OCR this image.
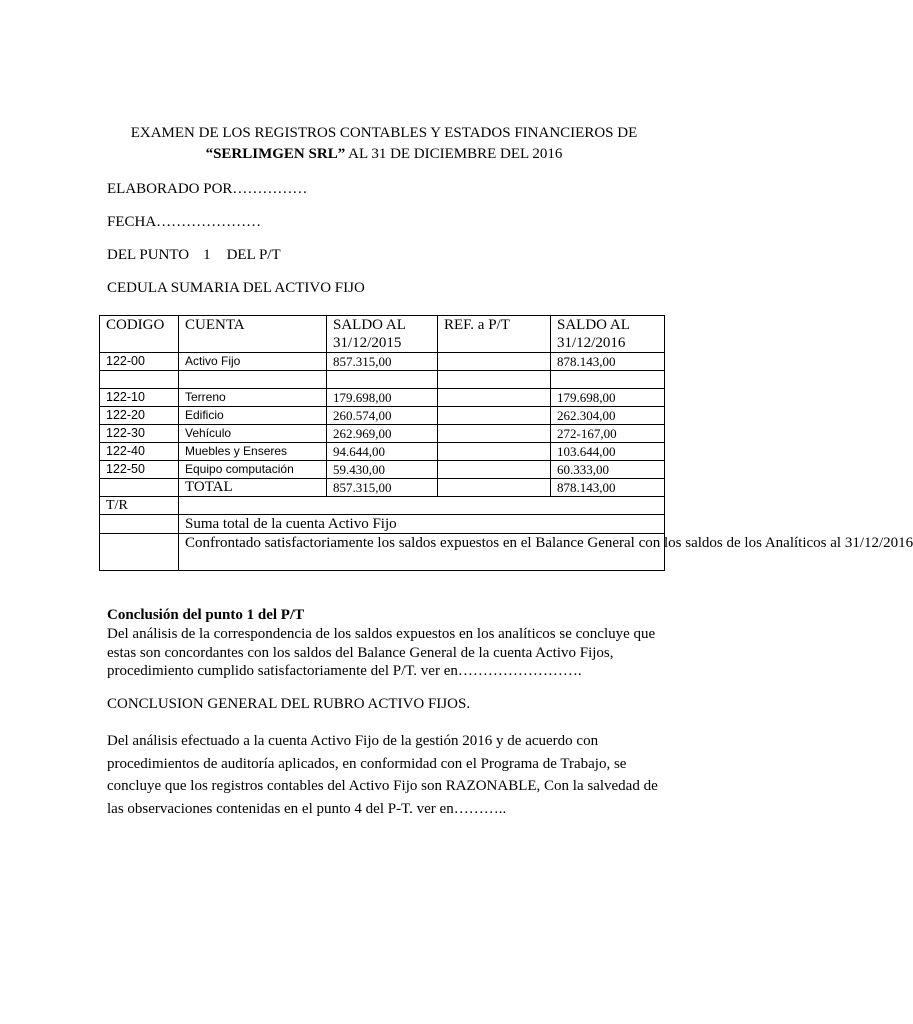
EXAMEN DE LOS REGISTROS CONTABLES Y ESTADOS FINANCIEROS DE
“SERLIMGEN SRL” AL 31 DE DICIEMBRE DEL 2016
ELABORADO POR……………
FECHA…………………
DEL PUNTO 1 DEL P/T
CEDULA SUMARIA DEL ACTIVO FIJO
CODIGO	CUENTA	SALDO AL 31/12/2015	REF. a P/T	SALDO AL 31/12/2016
122-00	Activo Fijo	857.315,00		878.143,00

122-10	Terreno	179.698,00		179.698,00
122-20	Edificio	260.574,00		262.304,00
122-30	Vehículo	262.969,00		272-167,00
122-40	Muebles y Enseres	94.644,00		103.644,00
122-50	Equipo computación	59.430,00		60.333,00
	TOTAL	857.315,00		878.143,00
T/R				
	Suma total de la cuenta Activo Fijo			
	Confrontado satisfactoriamente los saldos expuestos en el Balance General con los saldos de los Analíticos al 31/12/2016			
Conclusión del punto 1 del P/T
Del análisis de la correspondencia de los saldos expuestos en los analíticos se concluye que estas son concordantes con los saldos del Balance General de la cuenta Activo Fijos, procedimiento cumplido satisfactoriamente del P/T. ver en…………………….
CONCLUSION GENERAL DEL RUBRO ACTIVO FIJOS.
Del análisis efectuado a la cuenta Activo Fijo de la gestión 2016 y de acuerdo con procedimientos de auditoría aplicados, en conformidad con el Programa de Trabajo, se concluye que los registros contables del Activo Fijo son RAZONABLE, Con la salvedad de las observaciones contenidas en el punto 4 del P-T. ver en………..
